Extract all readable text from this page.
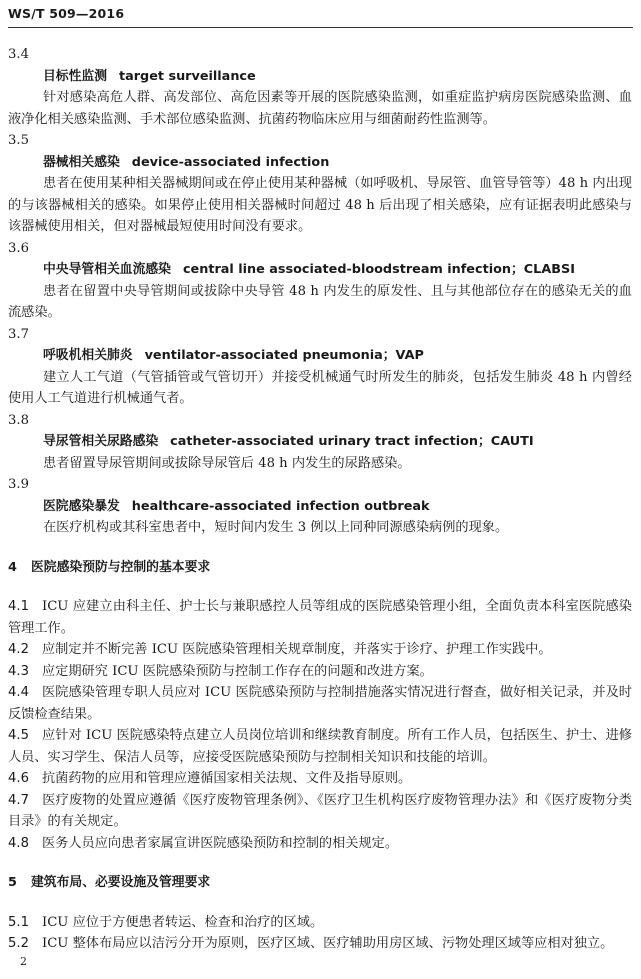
WS/T 509—2016
3.4
目标性监测 target surveillance
针对感染高危人群、高发部位、高危因素等开展的医院感染监测，如重症监护病房医院感染监测、血液净化相关感染监测、手术部位感染监测、抗菌药物临床应用与细菌耐药性监测等。
3.5
器械相关感染 device-associated infection
患者在使用某种相关器械期间或在停止使用某种器械（如呼吸机、导尿管、血管导管等）48 h 内出现的与该器械相关的感染。如果停止使用相关器械时间超过 48 h 后出现了相关感染，应有证据表明此感染与该器械使用相关，但对器械最短使用时间没有要求。
3.6
中央导管相关血流感染 central line associated-bloodstream infection；CLABSI
患者在留置中央导管期间或拔除中央导管 48 h 内发生的原发性、且与其他部位存在的感染无关的血流感染。
3.7
呼吸机相关肺炎 ventilator-associated pneumonia；VAP
建立人工气道（气管插管或气管切开）并接受机械通气时所发生的肺炎，包括发生肺炎 48 h 内曾经使用人工气道进行机械通气者。
3.8
导尿管相关尿路感染 catheter-associated urinary tract infection；CAUTI
患者留置导尿管期间或拔除导尿管后 48 h 内发生的尿路感染。
3.9
医院感染暴发 healthcare-associated infection outbreak
在医疗机构或其科室患者中，短时间内发生 3 例以上同种同源感染病例的现象。
4 医院感染预防与控制的基本要求
4.1 ICU 应建立由科主任、护士长与兼职感控人员等组成的医院感染管理小组，全面负责本科室医院感染管理工作。
4.2 应制定并不断完善 ICU 医院感染管理相关规章制度，并落实于诊疗、护理工作实践中。
4.3 应定期研究 ICU 医院感染预防与控制工作存在的问题和改进方案。
4.4 医院感染管理专职人员应对 ICU 医院感染预防与控制措施落实情况进行督查，做好相关记录，并及时反馈检查结果。
4.5 应针对 ICU 医院感染特点建立人员岗位培训和继续教育制度。所有工作人员，包括医生、护士、进修人员、实习学生、保洁人员等，应接受医院感染预防与控制相关知识和技能的培训。
4.6 抗菌药物的应用和管理应遵循国家相关法规、文件及指导原则。
4.7 医疗废物的处置应遵循《医疗废物管理条例》、《医疗卫生机构医疗废物管理办法》和《医疗废物分类目录》的有关规定。
4.8 医务人员应向患者家属宣讲医院感染预防和控制的相关规定。
5 建筑布局、必要设施及管理要求
5.1 ICU 应位于方便患者转运、检查和治疗的区域。
5.2 ICU 整体布局应以洁污分开为原则，医疗区域、医疗辅助用房区域、污物处理区域等应相对独立。
2
